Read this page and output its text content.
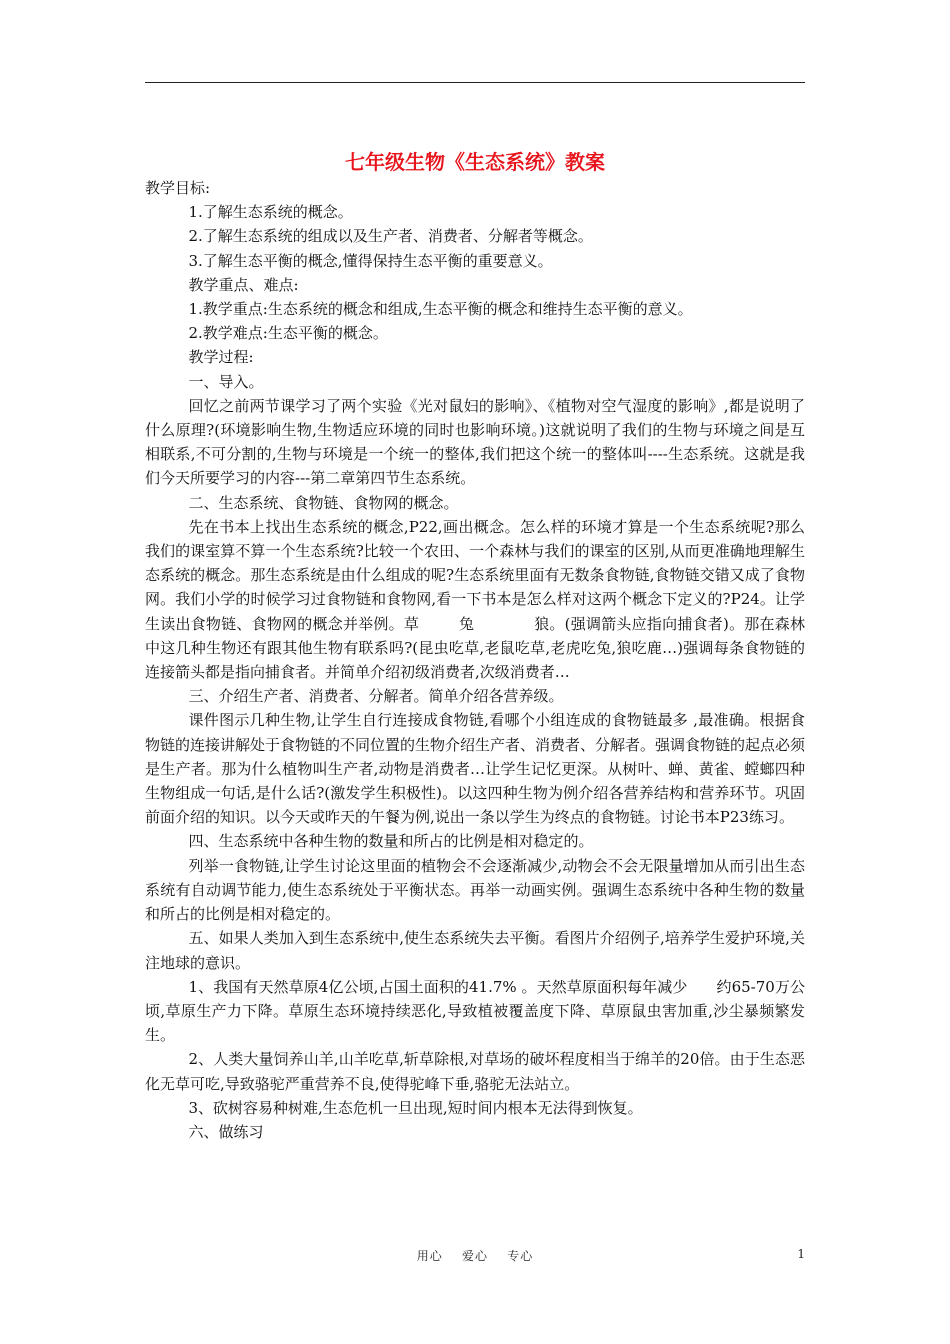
七年级生物《生态系统》教案

教学目标:

1.了解生态系统的概念。

2.了解生态系统的组成以及生产者、消费者、分解者等概念。

3.了解生态平衡的概念,懂得保持生态平衡的重要意义。

教学重点、难点:

1.教学重点:生态系统的概念和组成,生态平衡的概念和维持生态平衡的意义。

2.教学难点:生态平衡的概念。

教学过程:

一、导入。

回忆之前两节课学习了两个实验《光对鼠妇的影响》、《植物对空气湿度的影响》,都是说明了什么原理?(环境影响生物,生物适应环境的同时也影响环境。)这就说明了我们的生物与环境之间是互相联系,不可分割的,生物与环境是一个统一的整体,我们把这个统一的整体叫----生态系统。这就是我们今天所要学习的内容---第二章第四节生态系统。

二、生态系统、食物链、食物网的概念。

先在书本上找出生态系统的概念,P22,画出概念。怎么样的环境才算是一个生态系统呢?那么我们的课室算不算一个生态系统?比较一个农田、一个森林与我们的课室的区别,从而更准确地理解生态系统的概念。那生态系统是由什么组成的呢?生态系统里面有无数条食物链,食物链交错又成了食物网。我们小学的时候学习过食物链和食物网,看一下书本是怎么样对这两个概念下定义的?P24。让学生读出食物链、食物网的概念并举例。草        兔            狼。(强调箭头应指向捕食者)。那在森林中这几种生物还有跟其他生物有联系吗?(昆虫吃草,老鼠吃草,老虎吃兔,狼吃鹿…)强调每条食物链的连接箭头都是指向捕食者。并简单介绍初级消费者,次级消费者…

三、介绍生产者、消费者、分解者。简单介绍各营养级。

课件图示几种生物,让学生自行连接成食物链,看哪个小组连成的食物链最多 ,最准确。根据食物链的连接讲解处于食物链的不同位置的生物介绍生产者、消费者、分解者。强调食物链的起点必须是生产者。那为什么植物叫生产者,动物是消费者…让学生记忆更深。从树叶、蝉、黄雀、螳螂四种生物组成一句话,是什么话?(激发学生积极性)。以这四种生物为例介绍各营养结构和营养环节。巩固前面介绍的知识。以今天或昨天的午餐为例,说出一条以学生为终点的食物链。讨论书本P23练习。

四、生态系统中各种生物的数量和所占的比例是相对稳定的。

列举一食物链,让学生讨论这里面的植物会不会逐渐减少,动物会不会无限量增加从而引出生态系统有自动调节能力,使生态系统处于平衡状态。再举一动画实例。强调生态系统中各种生物的数量和所占的比例是相对稳定的。

五、如果人类加入到生态系统中,使生态系统失去平衡。看图片介绍例子,培养学生爱护环境,关注地球的意识。

1、我国有天然草原4亿公顷,占国土面积的41.7% 。天然草原面积每年减少      约65-70万公顷,草原生产力下降。草原生态环境持续恶化,导致植被覆盖度下降、草原鼠虫害加重,沙尘暴频繁发生。

2、人类大量饲养山羊,山羊吃草,斩草除根,对草场的破坏程度相当于绵羊的20倍。由于生态恶化无草可吃,导致骆驼严重营养不良,使得驼峰下垂,骆驼无法站立。

3、砍树容易种树难,生态危机一旦出现,短时间内根本无法得到恢复。

六、做练习

用心    爱心    专心	1
